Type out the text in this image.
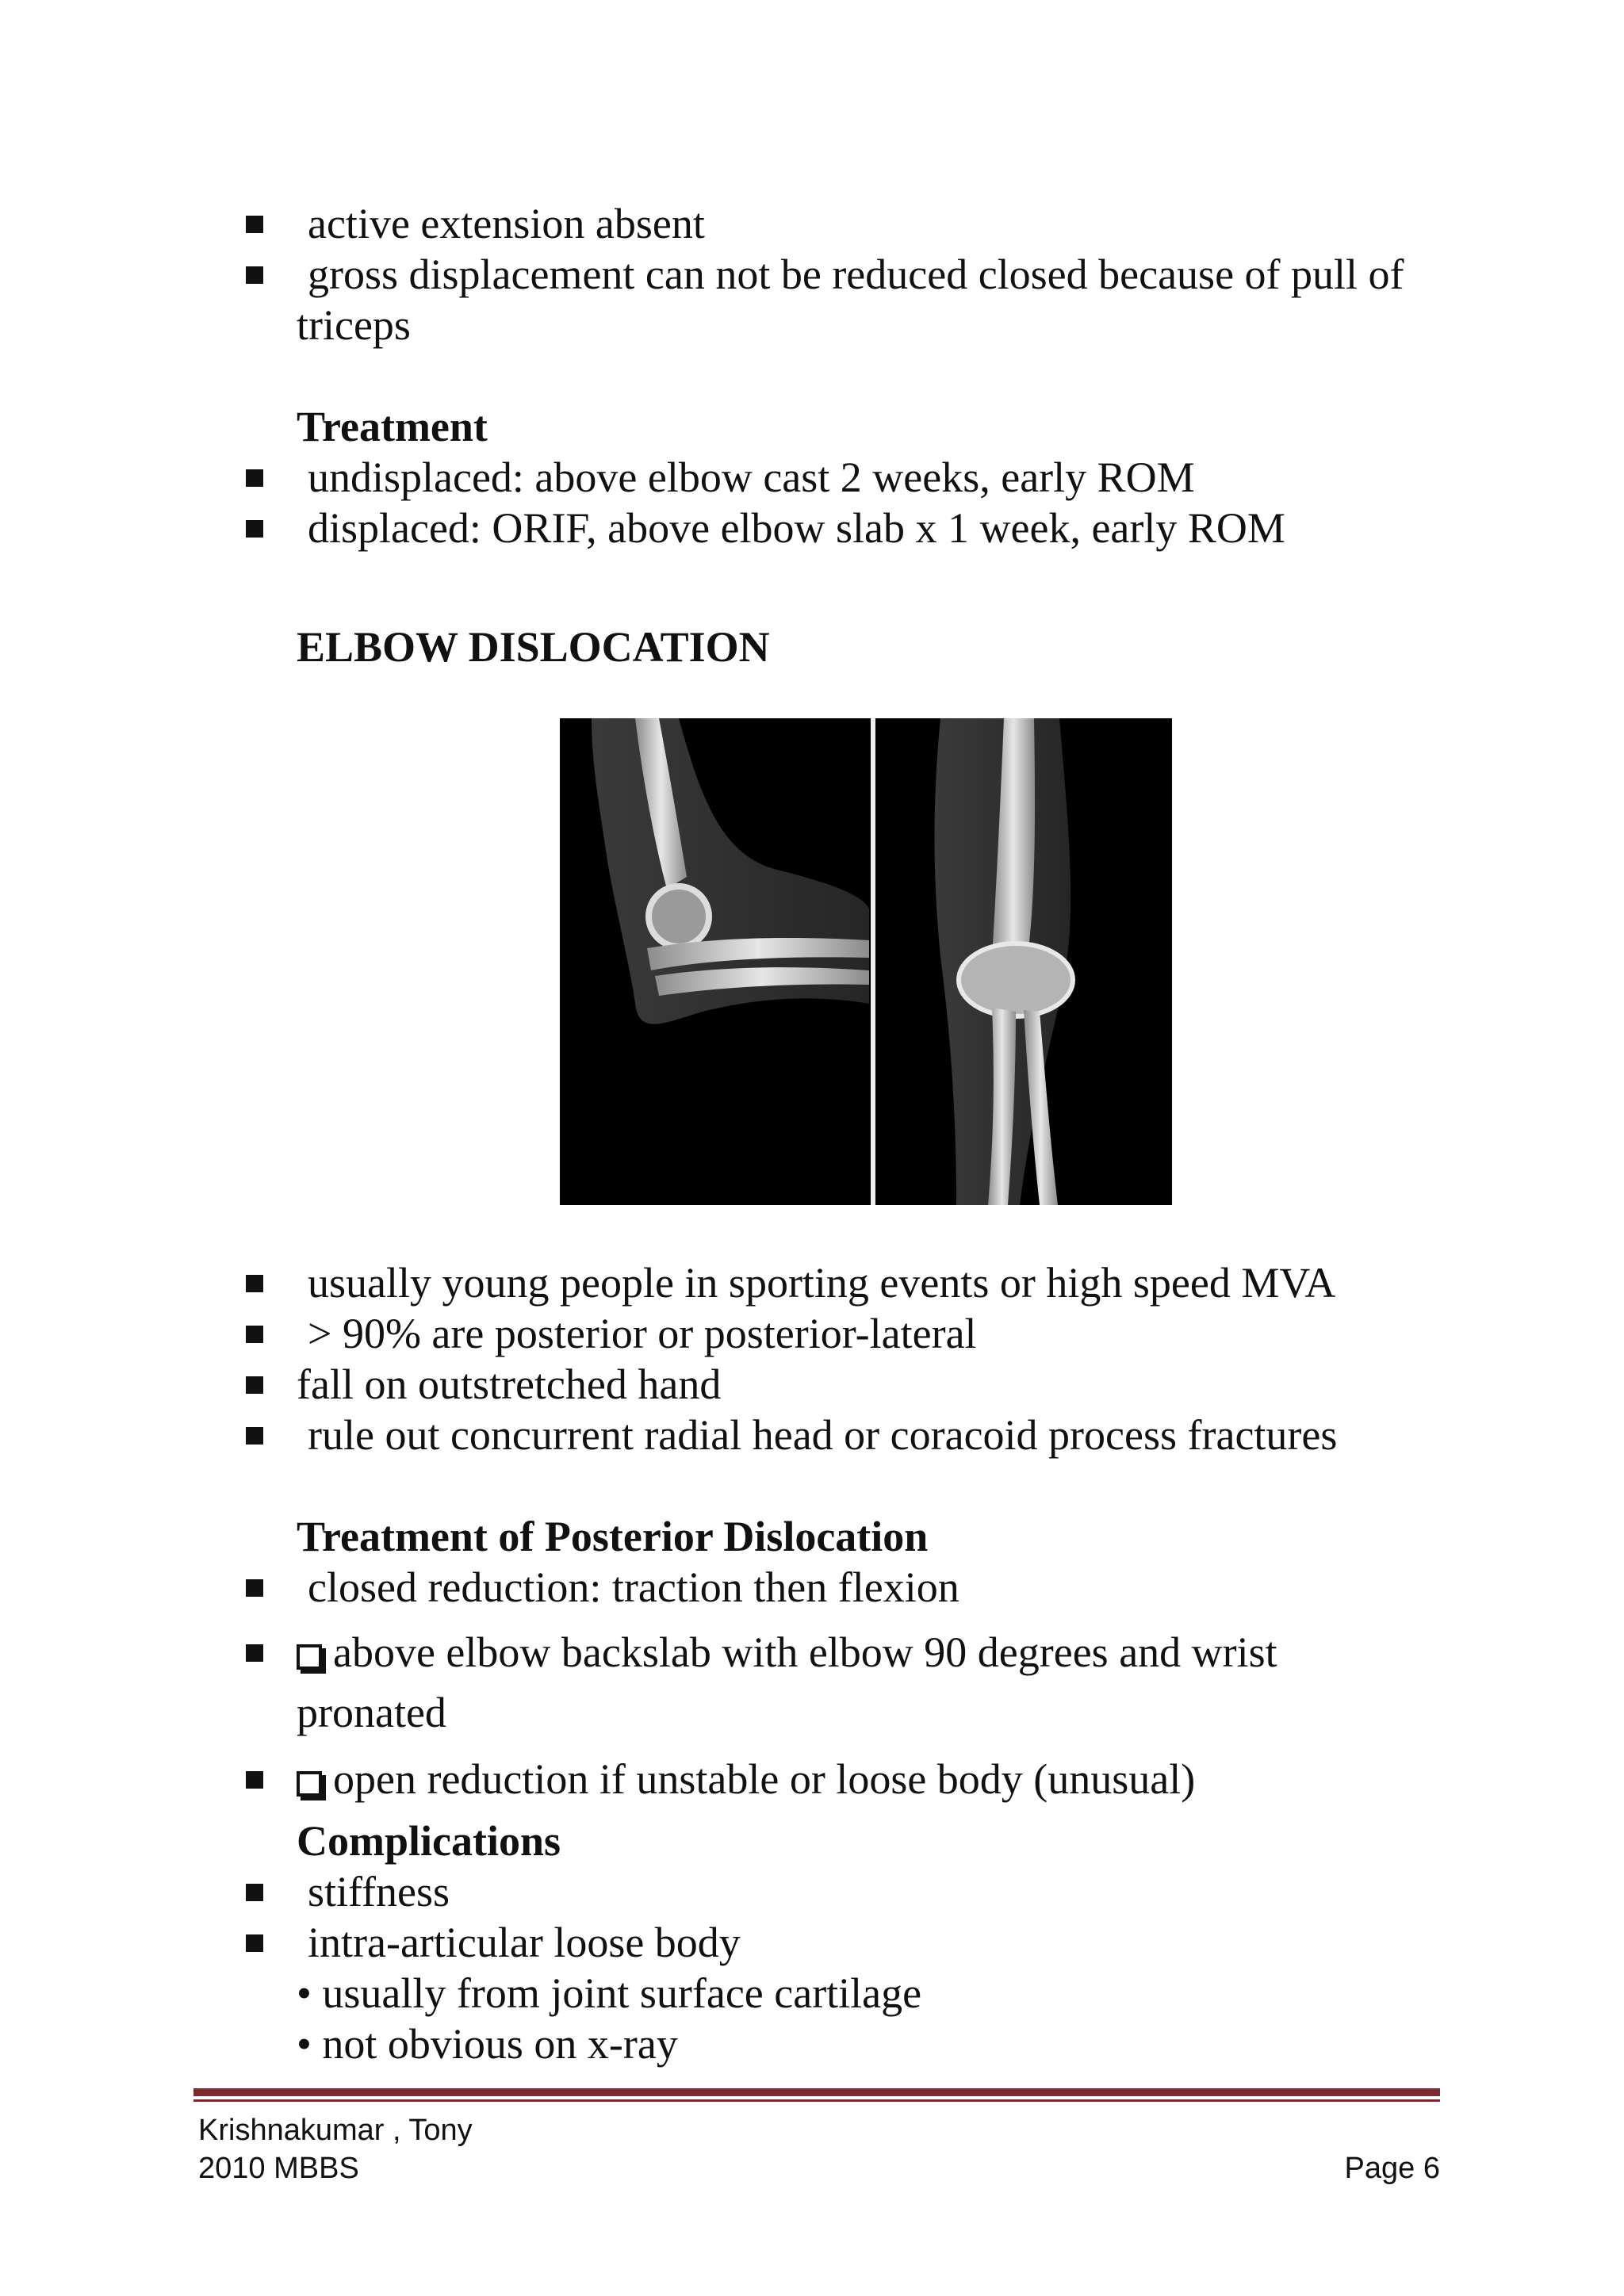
active extension absent
gross displacement can not be reduced closed because of pull of
triceps
Treatment
undisplaced: above elbow cast 2 weeks, early ROM
displaced: ORIF, above elbow slab x 1 week, early ROM
ELBOW DISLOCATION
usually young people in sporting events or high speed MVA
> 90% are posterior or posterior-lateral
fall on outstretched hand
rule out concurrent radial head or coracoid process fractures
Treatment of Posterior Dislocation
closed reduction: traction then flexion
above elbow backslab with elbow 90 degrees and wrist
pronated
open reduction if unstable or loose body (unusual)
Complications
stiffness
intra-articular loose body
• usually from joint surface cartilage
• not obvious on x-ray
Krishnakumar , Tony
2010 MBBS	Page 6
